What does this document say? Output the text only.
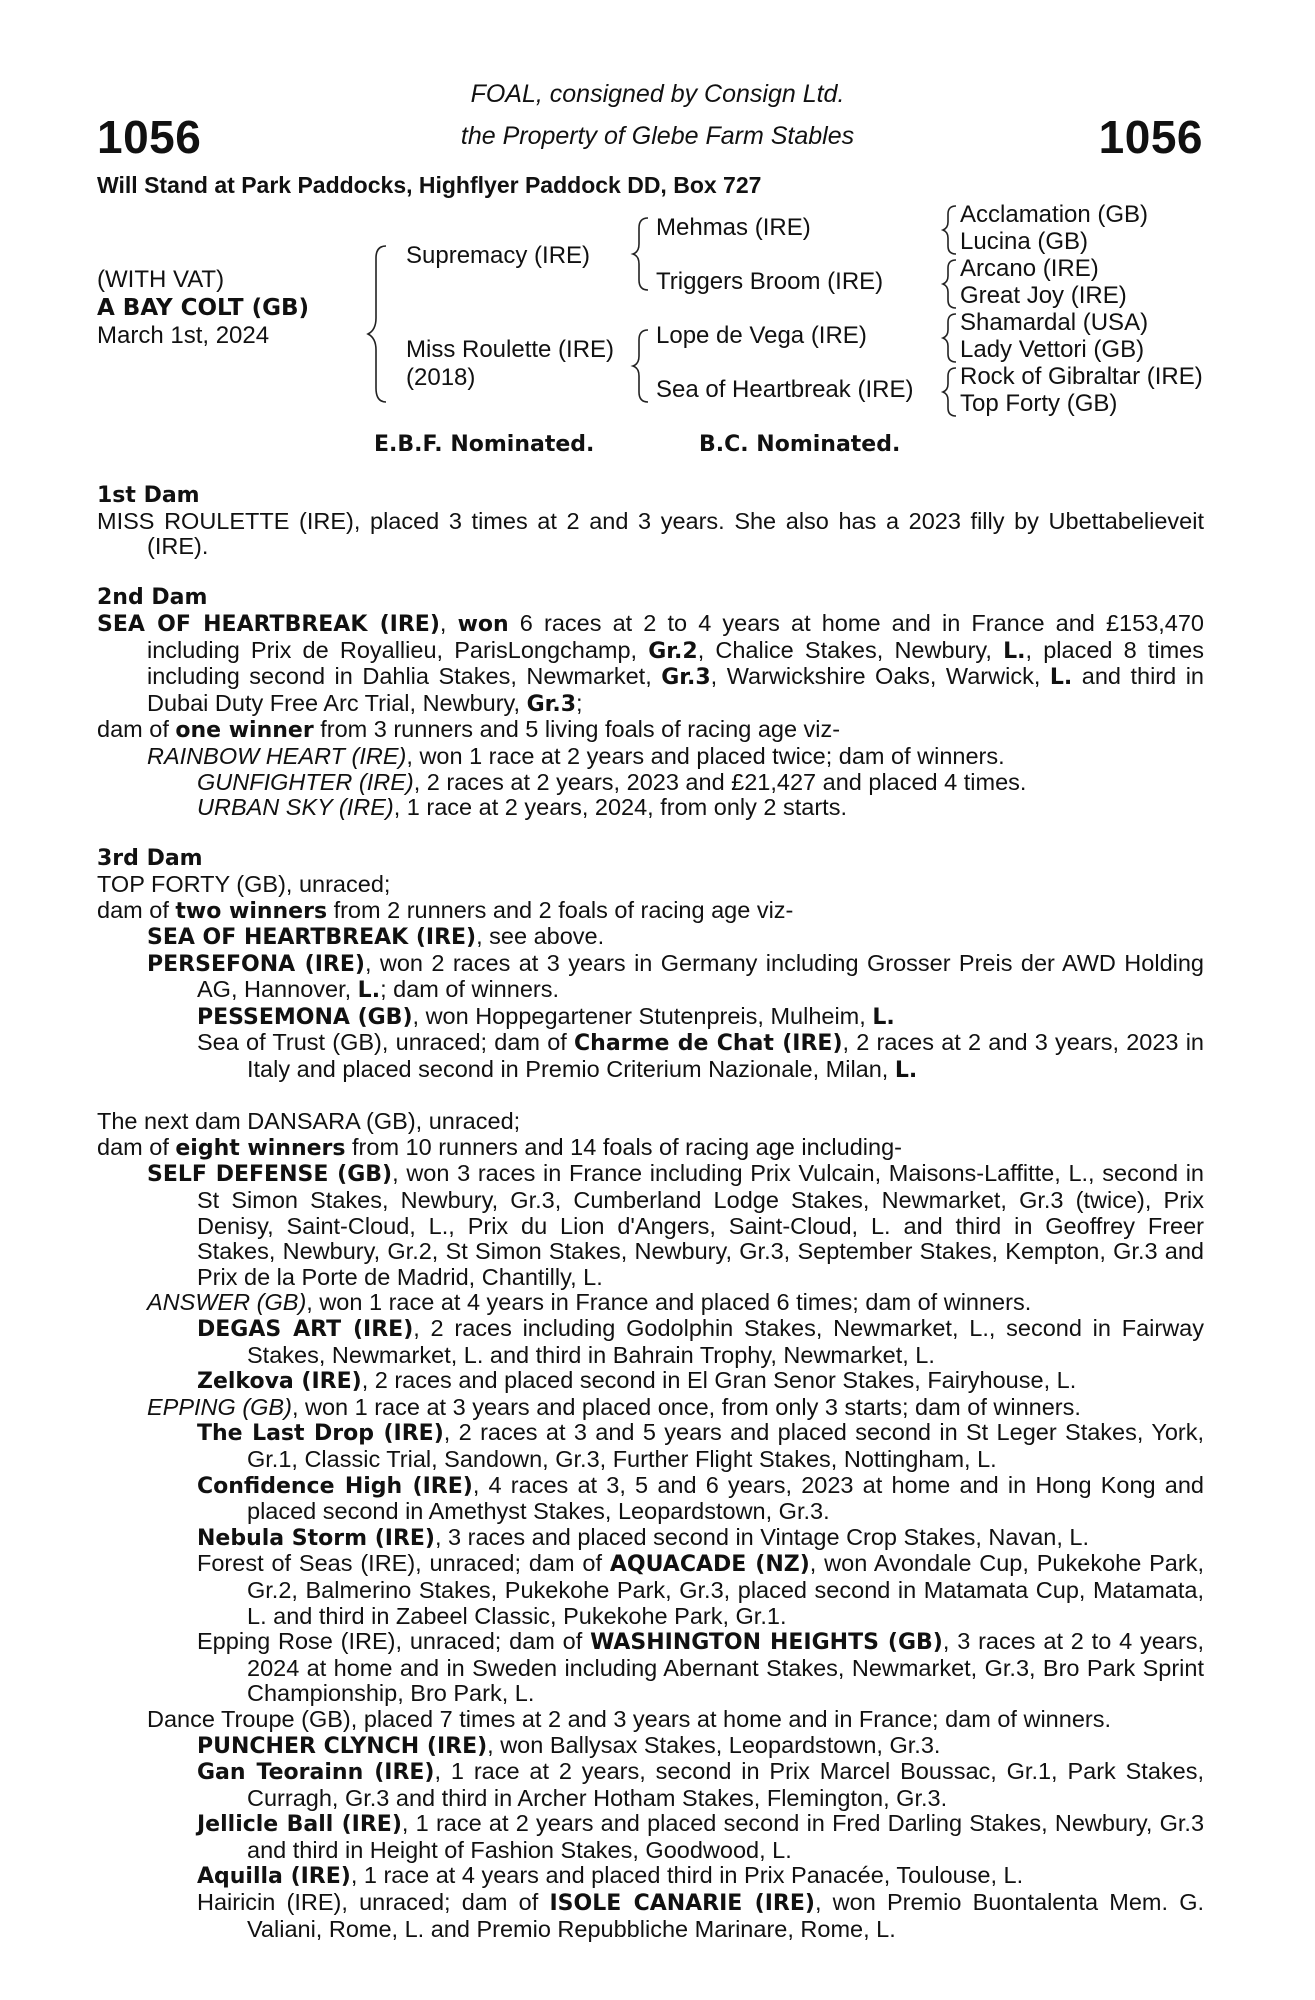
1056	1056
FOAL, consigned by Consign Ltd.
the Property of Glebe Farm Stables
Will Stand at Park Paddocks, Highflyer Paddock DD, Box 727
(WITH VAT)
A BAY COLT (GB)
March 1st, 2024
Supremacy (IRE)
Miss Roulette (IRE)
(2018)
Mehmas (IRE)
Triggers Broom (IRE)
Lope de Vega (IRE)
Sea of Heartbreak (IRE)
Acclamation (GB)
Lucina (GB)
Arcano (IRE)
Great Joy (IRE)
Shamardal (USA)
Lady Vettori (GB)
Rock of Gibraltar (IRE)
Top Forty (GB)
E.B.F. Nominated.	B.C. Nominated.
1st Dam
MISS ROULETTE (IRE), placed 3 times at 2 and 3 years. She also has a 2023 filly by Ubettabelieveit (IRE).
2nd Dam
SEA OF HEARTBREAK (IRE), won 6 races at 2 to 4 years at home and in France and £153,470 including Prix de Royallieu, ParisLongchamp, Gr.2, Chalice Stakes, Newbury, L., placed 8 times including second in Dahlia Stakes, Newmarket, Gr.3, Warwickshire Oaks, Warwick, L. and third in Dubai Duty Free Arc Trial, Newbury, Gr.3;
dam of one winner from 3 runners and 5 living foals of racing age viz-
RAINBOW HEART (IRE), won 1 race at 2 years and placed twice; dam of winners.
GUNFIGHTER (IRE), 2 races at 2 years, 2023 and £21,427 and placed 4 times.
URBAN SKY (IRE), 1 race at 2 years, 2024, from only 2 starts.
3rd Dam
TOP FORTY (GB), unraced;
dam of two winners from 2 runners and 2 foals of racing age viz-
SEA OF HEARTBREAK (IRE), see above.
PERSEFONA (IRE), won 2 races at 3 years in Germany including Grosser Preis der AWD Holding AG, Hannover, L.; dam of winners.
PESSEMONA (GB), won Hoppegartener Stutenpreis, Mulheim, L.
Sea of Trust (GB), unraced; dam of Charme de Chat (IRE), 2 races at 2 and 3 years, 2023 in Italy and placed second in Premio Criterium Nazionale, Milan, L.
The next dam DANSARA (GB), unraced;
dam of eight winners from 10 runners and 14 foals of racing age including-
SELF DEFENSE (GB), won 3 races in France including Prix Vulcain, Maisons-Laffitte, L., second in St Simon Stakes, Newbury, Gr.3, Cumberland Lodge Stakes, Newmarket, Gr.3 (twice), Prix Denisy, Saint-Cloud, L., Prix du Lion d'Angers, Saint-Cloud, L. and third in Geoffrey Freer Stakes, Newbury, Gr.2, St Simon Stakes, Newbury, Gr.3, September Stakes, Kempton, Gr.3 and Prix de la Porte de Madrid, Chantilly, L.
ANSWER (GB), won 1 race at 4 years in France and placed 6 times; dam of winners.
DEGAS ART (IRE), 2 races including Godolphin Stakes, Newmarket, L., second in Fairway Stakes, Newmarket, L. and third in Bahrain Trophy, Newmarket, L.
Zelkova (IRE), 2 races and placed second in El Gran Senor Stakes, Fairyhouse, L.
EPPING (GB), won 1 race at 3 years and placed once, from only 3 starts; dam of winners.
The Last Drop (IRE), 2 races at 3 and 5 years and placed second in St Leger Stakes, York, Gr.1, Classic Trial, Sandown, Gr.3, Further Flight Stakes, Nottingham, L.
Confidence High (IRE), 4 races at 3, 5 and 6 years, 2023 at home and in Hong Kong and placed second in Amethyst Stakes, Leopardstown, Gr.3.
Nebula Storm (IRE), 3 races and placed second in Vintage Crop Stakes, Navan, L.
Forest of Seas (IRE), unraced; dam of AQUACADE (NZ), won Avondale Cup, Pukekohe Park, Gr.2, Balmerino Stakes, Pukekohe Park, Gr.3, placed second in Matamata Cup, Matamata, L. and third in Zabeel Classic, Pukekohe Park, Gr.1.
Epping Rose (IRE), unraced; dam of WASHINGTON HEIGHTS (GB), 3 races at 2 to 4 years, 2024 at home and in Sweden including Abernant Stakes, Newmarket, Gr.3, Bro Park Sprint Championship, Bro Park, L.
Dance Troupe (GB), placed 7 times at 2 and 3 years at home and in France; dam of winners.
PUNCHER CLYNCH (IRE), won Ballysax Stakes, Leopardstown, Gr.3.
Gan Teorainn (IRE), 1 race at 2 years, second in Prix Marcel Boussac, Gr.1, Park Stakes, Curragh, Gr.3 and third in Archer Hotham Stakes, Flemington, Gr.3.
Jellicle Ball (IRE), 1 race at 2 years and placed second in Fred Darling Stakes, Newbury, Gr.3 and third in Height of Fashion Stakes, Goodwood, L.
Aquilla (IRE), 1 race at 4 years and placed third in Prix Panacée, Toulouse, L.
Hairicin (IRE), unraced; dam of ISOLE CANARIE (IRE), won Premio Buontalenta Mem. G. Valiani, Rome, L. and Premio Repubbliche Marinare, Rome, L.
